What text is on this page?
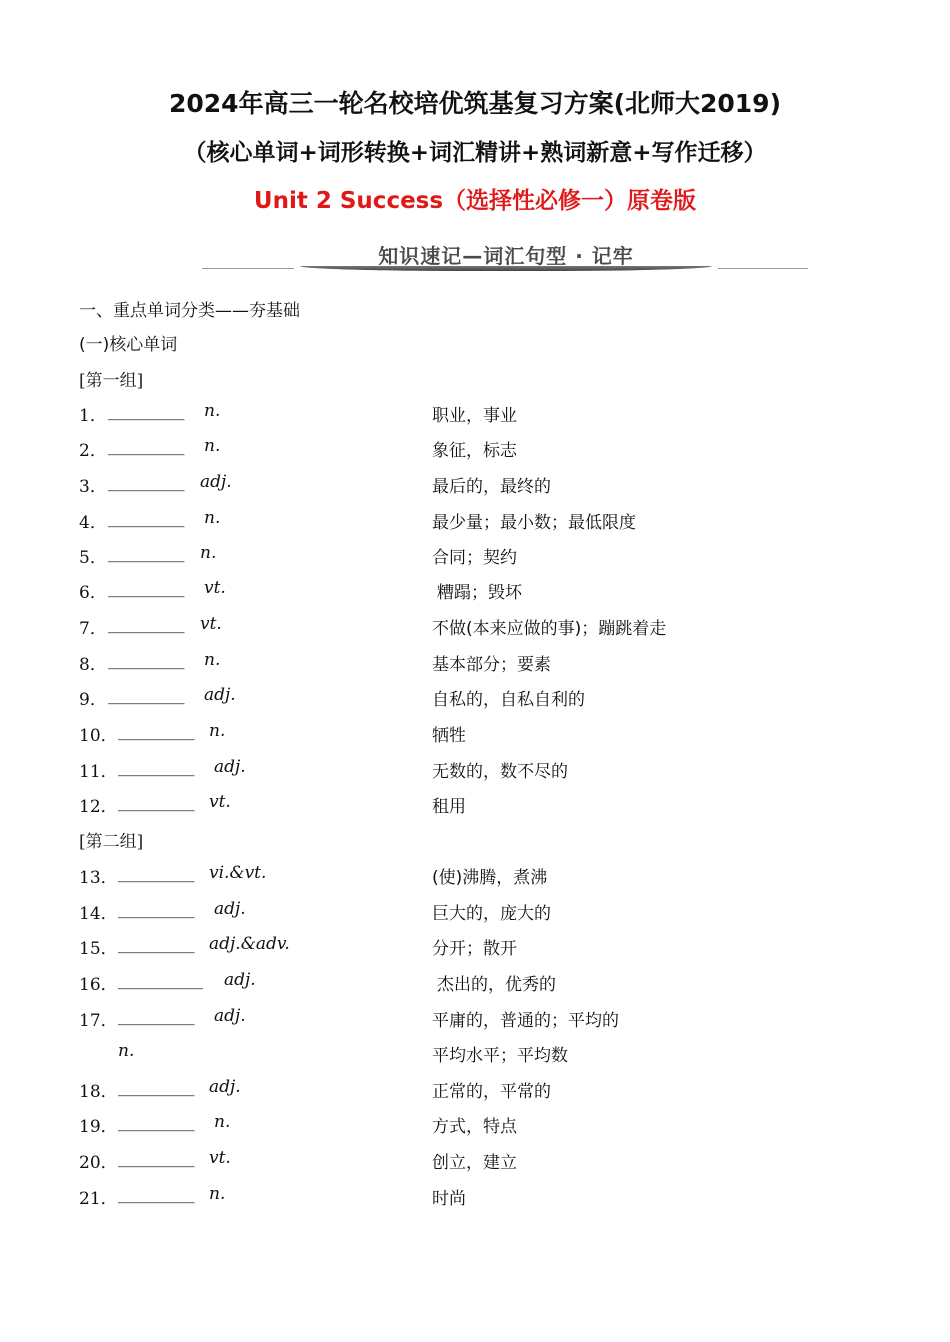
2024年高三一轮名校培优筑基复习方案(北师大2019)
（核心单词+词形转换+词汇精讲+熟词新意+写作迁移）
Unit 2 Success（选择性必修一）原卷版
知识速记—词汇句型 · 记牢
一、重点单词分类——夯基础
(一)核心单词
[第一组]
[第二组]
1． _________ n.	职业，事业
2． _________ n.	象征，标志
3． _________ adj.	最后的，最终的
4． _________ n.	最少量；最小数；最低限度
5． _________ n.	合同；契约
6． _________ vt.	糟蹋；毁坏
7． _________ vt.	不做(本来应做的事)；蹦跳着走
8． _________ n.	基本部分；要素
9． _________ adj.	自私的，自私自利的
10． _________ n.	牺牲
11． _________ adj.	无数的，数不尽的
12． _________ vt.	租用
13． _________ vi.&vt.	(使)沸腾，煮沸
14． _________ adj.	巨大的，庞大的
15． _________ adj.&adv.	分开；散开
16． __________ adj.	杰出的，优秀的
17． _________ adj.	平庸的，普通的；平均的
n.	平均水平；平均数
18． _________ adj.	正常的，平常的
19． _________ n.	方式，特点
20． _________ vt.	创立，建立
21． _________ n.	时尚
